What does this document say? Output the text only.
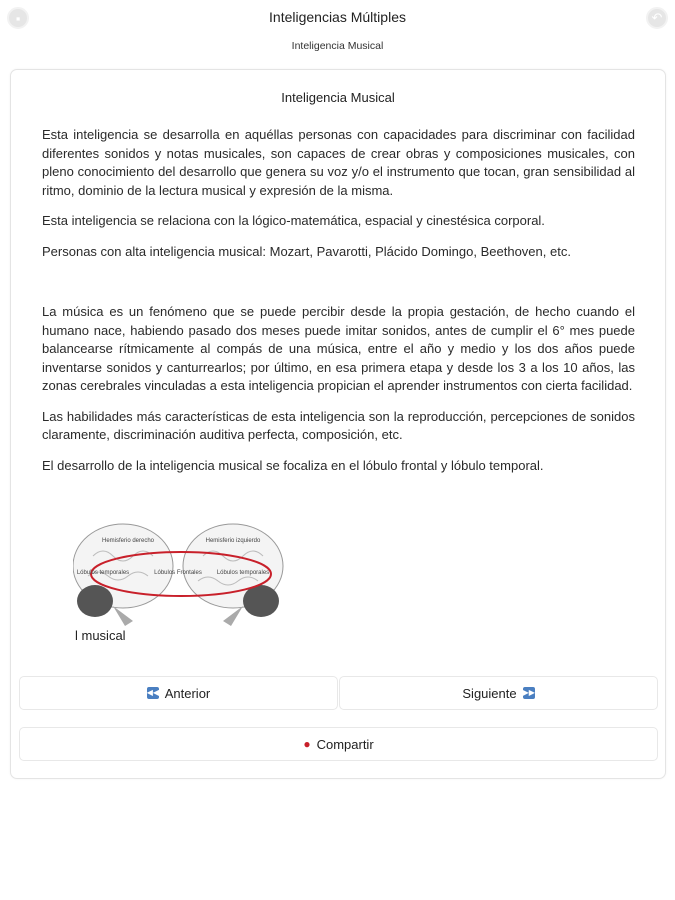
▪	Inteligencias Múltiples	↶
Inteligencia Musical
Inteligencia Musical

Esta inteligencia se desarrolla en aquéllas personas con capacidades para discriminar con facilidad diferentes sonidos y notas musicales, son capaces de crear obras y composiciones musicales, con pleno conocimiento del desarrollo que genera su voz y/o el instrumento que tocan, gran sensibilidad al ritmo, dominio de la lectura musical y expresión de la misma.

Esta inteligencia se relaciona con la lógico-matemática, espacial y cinestésica corporal.

Personas con alta inteligencia musical: Mozart, Pavarotti, Plácido Domingo, Beethoven, etc.

La música es un fenómeno que se puede percibir desde la propia gestación, de hecho cuando el humano nace, habiendo pasado dos meses puede imitar sonidos, antes de cumplir el 6° mes puede balancearse rítmicamente al compás de una música, entre el año y medio y los dos años puede inventarse sonidos y canturrearlos; por último, en esa primera etapa y desde los 3 a los 10 años, las zonas cerebrales vinculadas a esta inteligencia propician el aprender instrumentos con cierta facilidad.

Las habilidades más características de esta inteligencia son la reproducción, percepciones de sonidos claramente, discriminación auditiva perfecta, composición, etc.

El desarrollo de la inteligencia musical se focaliza en el lóbulo frontal y lóbulo temporal.

Hemisferio derecho
Lóbulos temporales	Lóbulos Frontales
Hemisferio izquierdo
Lóbulos temporales
l musical
◀◀ Anterior	Siguiente ▶▶
● Compartir
